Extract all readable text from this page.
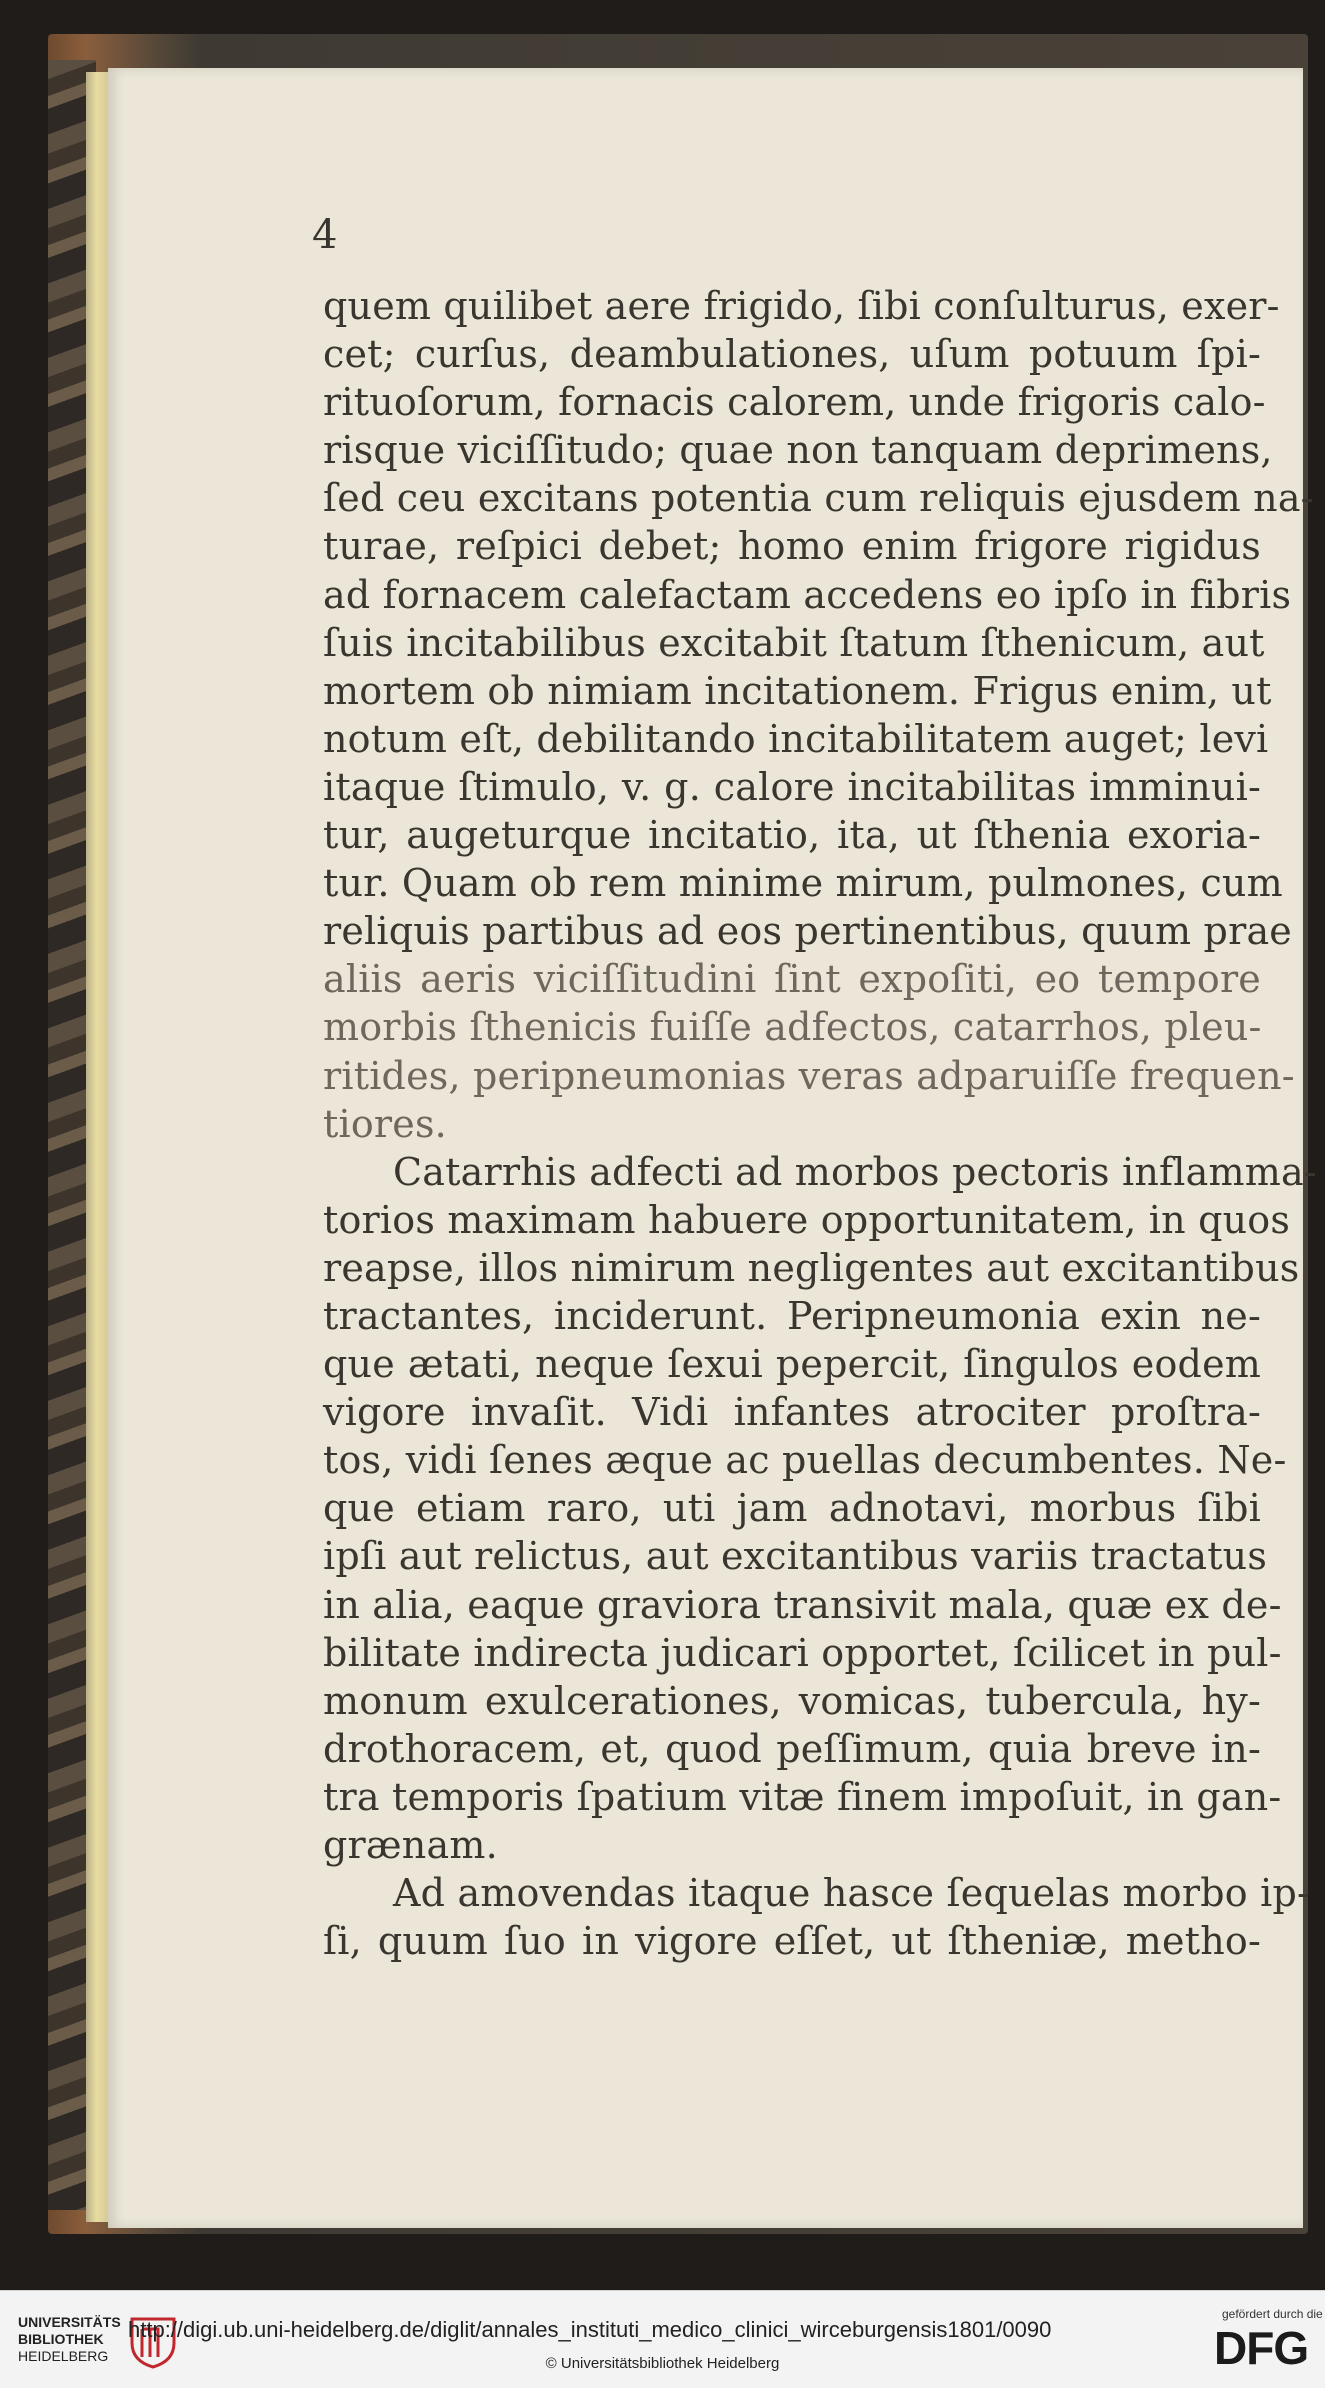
4
quem quilibet aere frigido, ſibi conſulturus, exer-
cet; curſus, deambulationes, uſum potuum ſpi-
rituoſorum, fornacis calorem, unde frigoris calo-
risque viciſſitudo; quae non tanquam deprimens,
ſed ceu excitans potentia cum reliquis ejusdem na-
turae, reſpici debet; homo enim frigore rigidus
ad fornacem calefactam accedens eo ipſo in fibris
ſuis incitabilibus excitabit ſtatum ſthenicum, aut
mortem ob nimiam incitationem. Frigus enim, ut
notum eſt, debilitando incitabilitatem auget; levi
itaque ſtimulo, v. g. calore incitabilitas imminui-
tur, augeturque incitatio, ita, ut ſthenia exoria-
tur. Quam ob rem minime mirum, pulmones, cum
reliquis partibus ad eos pertinentibus, quum prae
aliis aeris viciſſitudini ſint expoſiti, eo tempore
morbis ſthenicis fuiſſe adfectos, catarrhos, pleu-
ritides, peripneumonias veras adparuiſſe frequen-
tiores.
Catarrhis adfecti ad morbos pectoris inflamma-
torios maximam habuere opportunitatem, in quos
reapse, illos nimirum negligentes aut excitantibus
tractantes, inciderunt. Peripneumonia exin ne-
que ætati, neque ſexui pepercit, ſingulos eodem
vigore invaſit. Vidi infantes atrociter proſtra-
tos, vidi ſenes æque ac puellas decumbentes. Ne-
que etiam raro, uti jam adnotavi, morbus ſibi
ipſi aut relictus, aut excitantibus variis tractatus
in alia, eaque graviora transivit mala, quæ ex de-
bilitate indirecta judicari opportet, ſcilicet in pul-
monum exulcerationes, vomicas, tubercula, hy-
drothoracem, et, quod peſſimum, quia breve in-
tra temporis ſpatium vitæ finem impoſuit, in gan-
grænam.
Ad amovendas itaque hasce ſequelas morbo ip-
ſi, quum ſuo in vigore eſſet, ut ſtheniæ, metho-
UNIVERSITÄTS
BIBLIOTHEK
HEIDELBERG
http://digi.ub.uni-heidelberg.de/diglit/annales_instituti_medico_clinici_wirceburgensis1801/0090
© Universitätsbibliothek Heidelberg
gefördert durch die
DFG
